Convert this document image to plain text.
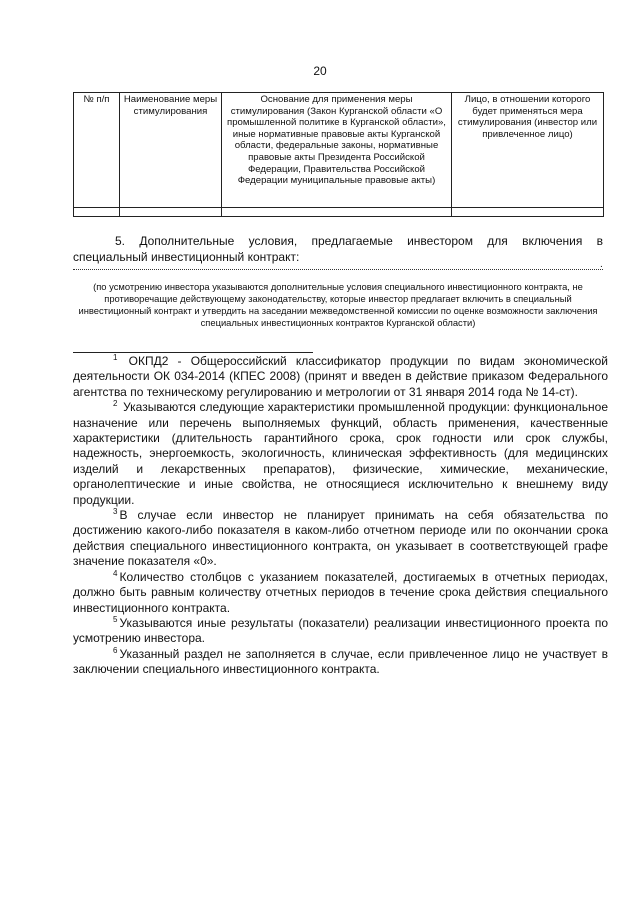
20
№ п/п	Наименование меры стимулирования	Основание для применения меры стимулирования (Закон Курганской области «О промышленной политике в Курганской области», иные нормативные правовые акты Курганской области, федеральные законы, нормативные правовые акты Президента Российской Федерации, Правительства Российской Федерации муниципальные правовые акты)	Лицо, в отношении которого будет применяться мера стимулирования (инвестор или привлеченное лицо)

5. Дополнительные условия, предлагаемые инвестором для включения в специальный инвестиционный контракт:
.
(по усмотрению инвестора указываются дополнительные условия специального инвестиционного контракта, не противоречащие действующему законодательству, которые инвестор предлагает включить в специальный инвестиционный контракт и утвердить на заседании межведомственной комиссии по оценке возможности заключения специальных инвестиционных контрактов Курганской области)

$^1$ ОКПД2 - Общероссийский классификатор продукции по видам экономической деятельности ОК 034-2014 (КПЕС 2008) (принят и введен в действие приказом Федерального агентства по техническому регулированию и метрологии от 31 января 2014 года № 14-ст).

$^2$ Указываются следующие характеристики промышленной продукции: функциональное назначение или перечень выполняемых функций, область применения, качественные характеристики (длительность гарантийного срока, срок годности или срок службы, надежность, энергоемкость, экологичность, клиническая эффективность (для медицинских изделий и лекарственных препаратов), физические, химические, механические, органолептические и иные свойства, не относящиеся исключительно к внешнему виду продукции.

$^3$ В случае если инвестор не планирует принимать на себя обязательства по достижению какого-либо показателя в каком-либо отчетном периоде или по окончании срока действия специального инвестиционного контракта, он указывает в соответствующей графе значение показателя «0».

$^4$ Количество столбцов с указанием показателей, достигаемых в отчетных периодах, должно быть равным количеству отчетных периодов в течение срока действия специального инвестиционного контракта.

$^5$ Указываются иные результаты (показатели) реализации инвестиционного проекта по усмотрению инвестора.

$^6$ Указанный раздел не заполняется в случае, если привлеченное лицо не участвует в заключении специального инвестиционного контракта.
